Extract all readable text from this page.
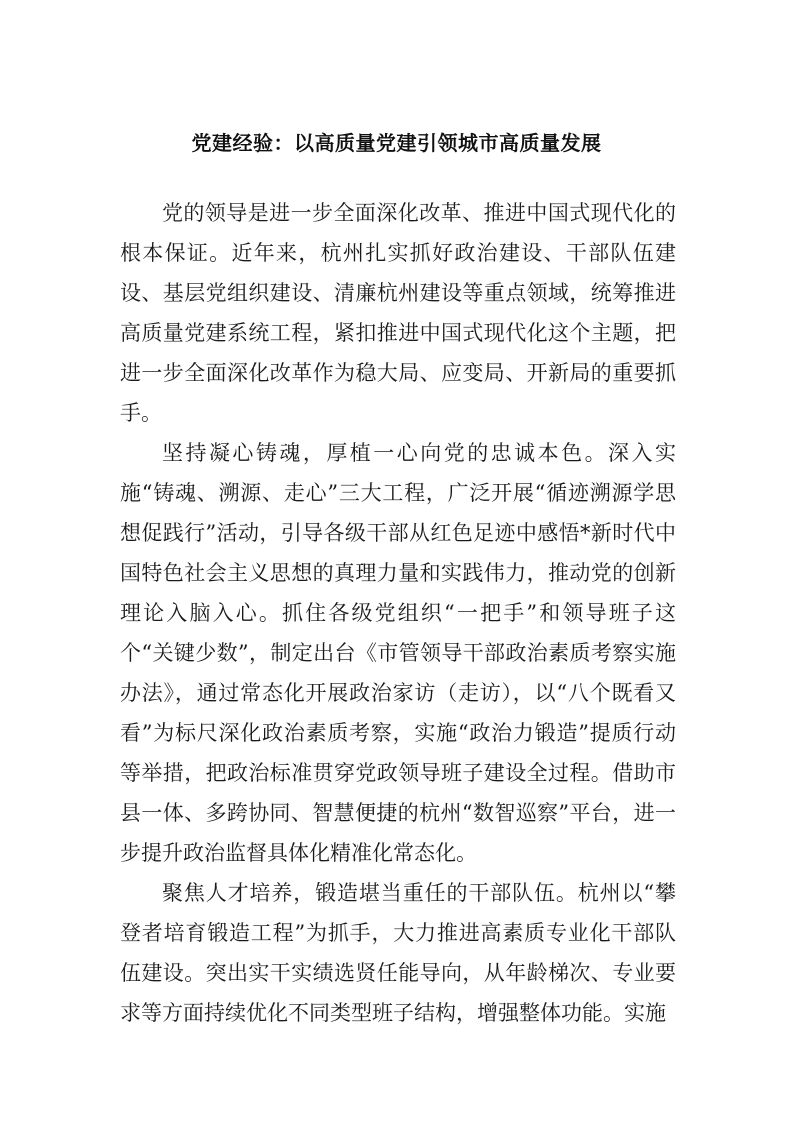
党建经验：以高质量党建引领城市高质量发展

党的领导是进一步全面深化改革、推进中国式现代化的根本保证。近年来，杭州扎实抓好政治建设、干部队伍建设、基层党组织建设、清廉杭州建设等重点领域，统筹推进高质量党建系统工程，紧扣推进中国式现代化这个主题，把进一步全面深化改革作为稳大局、应变局、开新局的重要抓手。

坚持凝心铸魂，厚植一心向党的忠诚本色。深入实施“铸魂、溯源、走心”三大工程，广泛开展“循迹溯源学思想促践行”活动，引导各级干部从红色足迹中感悟*新时代中国特色社会主义思想的真理力量和实践伟力，推动党的创新理论入脑入心。抓住各级党组织“一把手”和领导班子这个“关键少数”，制定出台《市管领导干部政治素质考察实施办法》，通过常态化开展政治家访（走访），以“八个既看又看”为标尺深化政治素质考察，实施“政治力锻造”提质行动等举措，把政治标准贯穿党政领导班子建设全过程。借助市县一体、多跨协同、智慧便捷的杭州“数智巡察”平台，进一步提升政治监督具体化精准化常态化。

聚焦人才培养，锻造堪当重任的干部队伍。杭州以“攀登者培育锻造工程”为抓手，大力推进高素质专业化干部队伍建设。突出实干实绩选贤任能导向，从年龄梯次、专业要求等方面持续优化不同类型班子结构，增强整体功能。实施
